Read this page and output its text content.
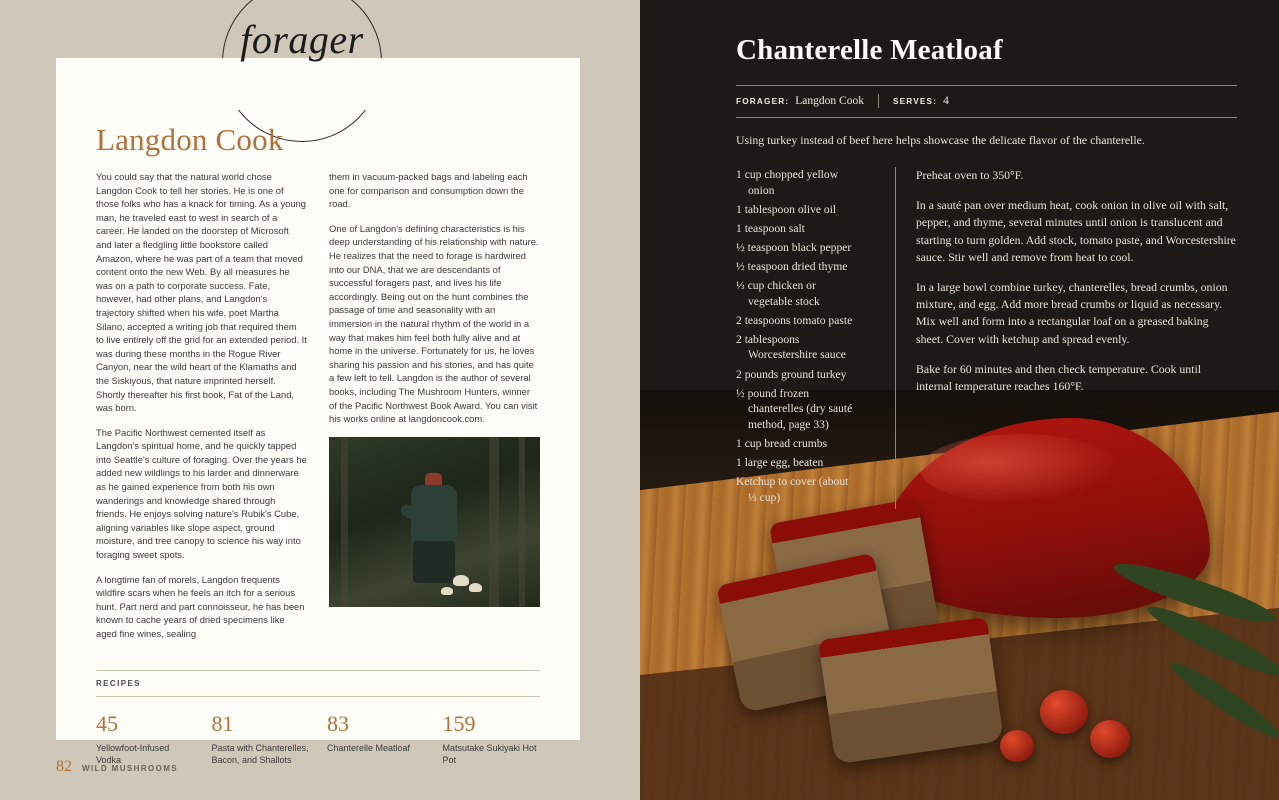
forager
Langdon Cook

You could say that the natural world chose Langdon Cook to tell her stories. He is one of those folks who has a knack for timing. As a young man, he traveled east to west in search of a career. He landed on the doorstep of Microsoft and later a fledgling little bookstore called Amazon, where he was part of a team that moved content onto the new Web. By all measures he was on a path to corporate success. Fate, however, had other plans, and Langdon's trajectory shifted when his wife, poet Martha Silano, accepted a writing job that required them to live entirely off the grid for an extended period. It was during these months in the Rogue River Canyon, near the wild heart of the Klamaths and the Siskiyous, that nature imprinted herself. Shortly thereafter his first book, Fat of the Land, was born.

The Pacific Northwest cemented itself as Langdon's spiritual home, and he quickly tapped into Seattle's culture of foraging. Over the years he added new wildlings to his larder and dinnerware as he gained experience from both his own wanderings and knowledge shared through friends. He enjoys solving nature's Rubik's Cube, aligning variables like slope aspect, ground moisture, and tree canopy to science his way into foraging sweet spots.

A longtime fan of morels, Langdon frequents wildfire scars when he feels an itch for a serious hunt. Part nerd and part connoisseur, he has been known to cache years of dried specimens like aged fine wines, sealing

them in vacuum-packed bags and labeling each one for comparison and consumption down the road.

One of Langdon's defining characteristics is his deep understanding of his relationship with nature. He realizes that the need to forage is hardwired into our DNA, that we are descendants of successful foragers past, and lives his life accordingly. Being out on the hunt combines the passage of time and seasonality with an immersion in the natural rhythm of the world in a way that makes him feel both fully alive and at home in the universe. Fortunately for us, he loves sharing his passion and his stories, and has quite a few left to tell. Langdon is the author of several books, including The Mushroom Hunters, winner of the Pacific Northwest Book Award. You can visit his works online at langdoncook.com.

RECIPES
45
Yellowfoot-Infused Vodka
81
Pasta with Chanterelles, Bacon, and Shallots
83
Chanterelle Meatloaf
159
Matsutake Sukiyaki Hot Pot
82 WILD MUSHROOMS
Chanterelle Meatloaf
FORAGER: Langdon Cook	SERVES: 4

Using turkey instead of beef here helps showcase the delicate flavor of the chanterelle.

1 cup chopped yellow
onion
1 tablespoon olive oil
1 teaspoon salt
½ teaspoon black pepper
½ teaspoon dried thyme
⅓ cup chicken or
vegetable stock
2 teaspoons tomato paste
2 tablespoons
Worcestershire sauce
2 pounds ground turkey
½ pound frozen
chanterelles (dry sauté method, page 33)
1 cup bread crumbs
1 large egg, beaten
Ketchup to cover (about
⅓ cup)

Preheat oven to 350°F.

In a sauté pan over medium heat, cook onion in olive oil with salt, pepper, and thyme, several minutes until onion is translucent and starting to turn golden. Add stock, tomato paste, and Worcestershire sauce. Stir well and remove from heat to cool.

In a large bowl combine turkey, chanterelles, bread crumbs, onion mixture, and egg. Add more bread crumbs or liquid as necessary. Mix well and form into a rectangular loaf on a greased baking sheet. Cover with ketchup and spread evenly.

Bake for 60 minutes and then check temperature. Cook until internal temperature reaches 160°F.
